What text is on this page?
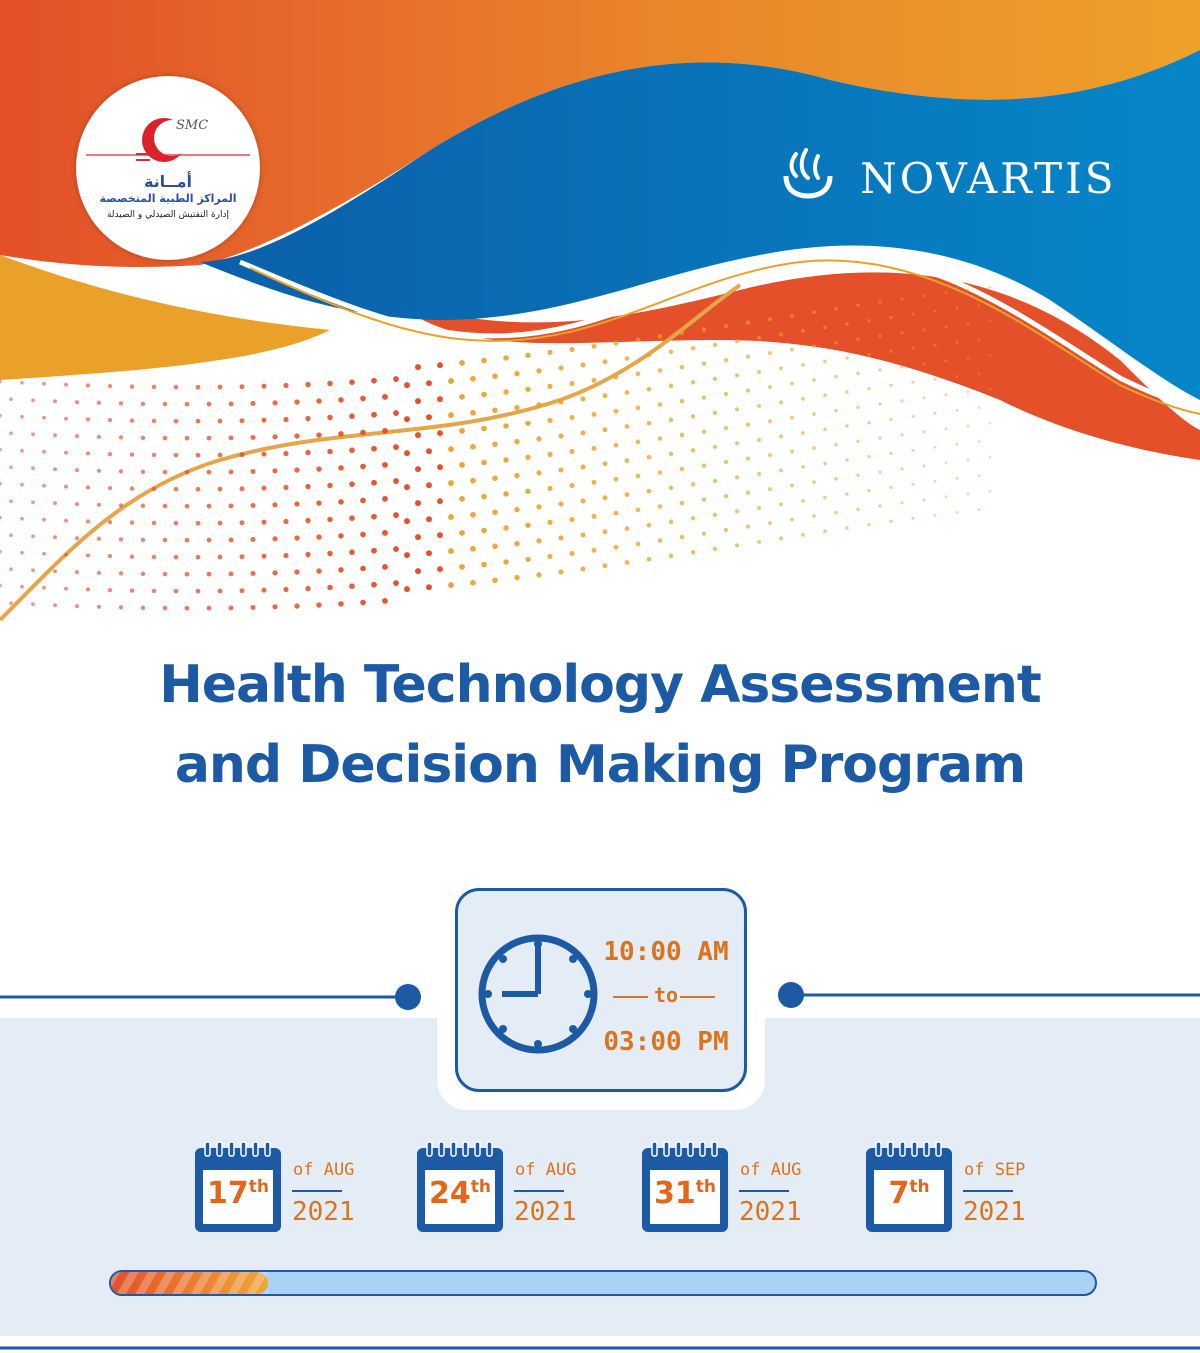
SMC
أمــانة
المراكز الطبية المتخصصة
إدارة التفتيش الصيدلي و الصيدلة
NOVARTIS
Health Technology Assessment
and Decision Making Program
10:00 AM
to
03:00 PM
17th
of AUG
2021
24th
of AUG
2021
31th
of AUG
2021
7th
of SEP
2021
